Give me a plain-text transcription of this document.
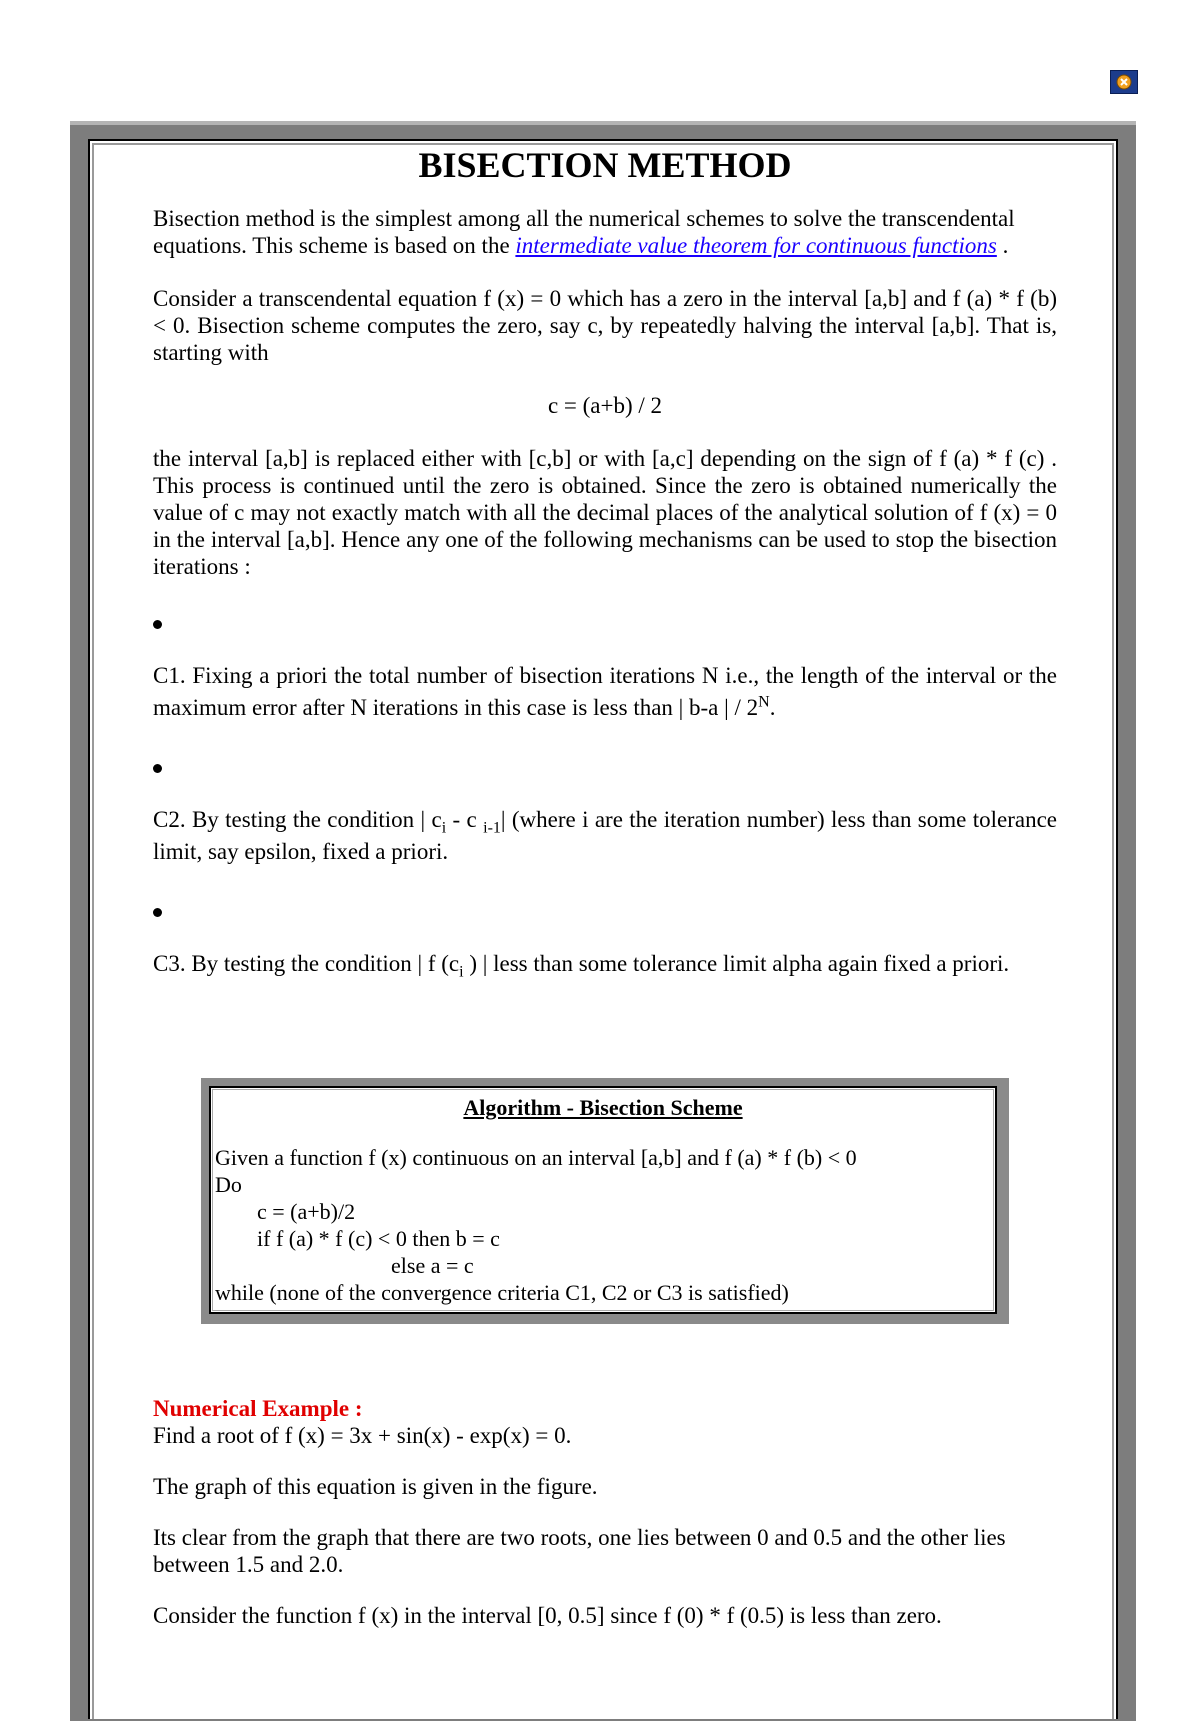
BISECTION METHOD

Bisection method is the simplest among all the numerical schemes to solve the transcendental equations. This scheme is based on the intermediate value theorem for continuous functions .

Consider a transcendental equation f (x) = 0 which has a zero in the interval [a,b] and f (a) * f (b) < 0. Bisection scheme computes the zero, say c, by repeatedly halving the interval [a,b]. That is, starting with

c = (a+b) / 2

the interval [a,b] is replaced either with [c,b] or with [a,c] depending on the sign of f (a) * f (c) . This process is continued until the zero is obtained. Since the zero is obtained numerically the value of c may not exactly match with all the decimal places of the analytical solution of f (x) = 0 in the interval [a,b]. Hence any one of the following mechanisms can be used to stop the bisection iterations :

C1. Fixing a priori the total number of bisection iterations N i.e., the length of the interval or the maximum error after N iterations in this case is less than | b-a | / $2^N$.

C2. By testing the condition | $c_i$ - c $_{i-1}$| (where i are the iteration number) less than some tolerance limit, say epsilon, fixed a priori.

C3. By testing the condition | f ($c_i$ ) | less than some tolerance limit alpha again fixed a priori.

Algorithm - Bisection Scheme
Given a function f (x) continuous on an interval [a,b] and f (a) * f (b) < 0
Do
c = (a+b)/2
if f (a) * f (c) < 0 then b = c
else a = c
while (none of the convergence criteria C1, C2 or C3 is satisfied)

Numerical Example :

Find a root of f (x) = 3x + sin(x) - exp(x) = 0.

The graph of this equation is given in the figure.

Its clear from the graph that there are two roots, one lies between 0 and 0.5 and the other lies between 1.5 and 2.0.

Consider the function f (x) in the interval [0, 0.5] since f (0) * f (0.5) is less than zero.
